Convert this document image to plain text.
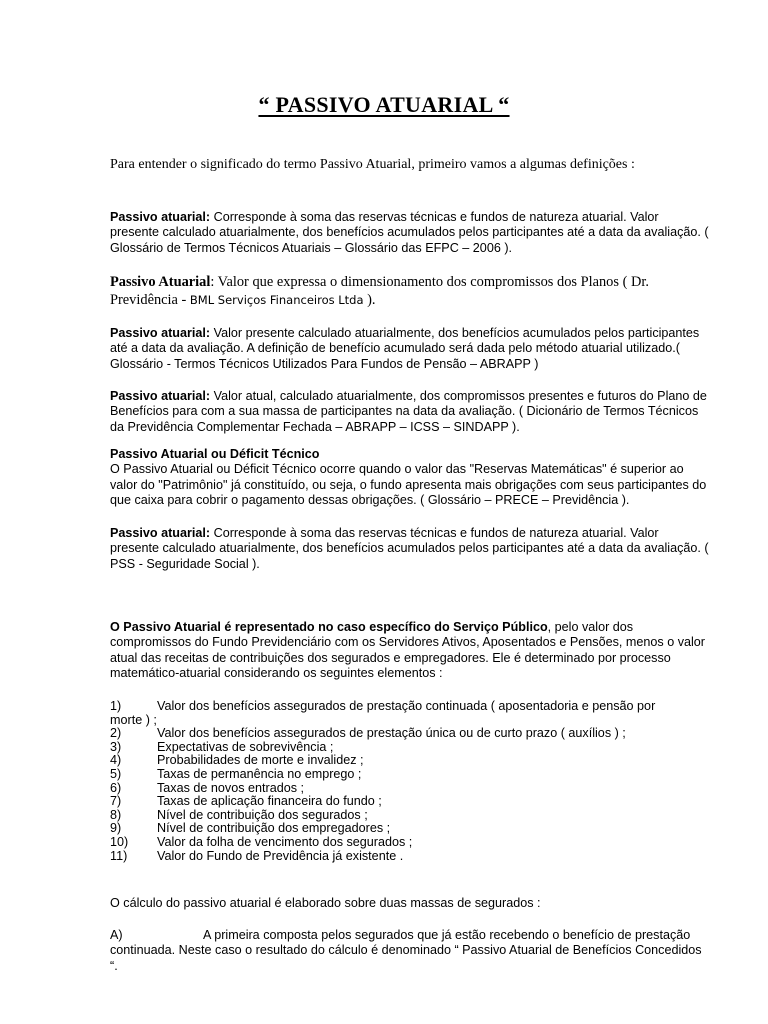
“ PASSIVO ATUARIAL “
Para entender o significado do termo Passivo Atuarial, primeiro vamos a algumas definições :
Passivo atuarial: Corresponde à soma das reservas técnicas e fundos de natureza atuarial. Valor presente calculado atuarialmente, dos benefícios acumulados pelos participantes até a data da avaliação. ( Glossário de Termos Técnicos Atuariais – Glossário das EFPC – 2006 ).
Passivo Atuarial: Valor que expressa o dimensionamento dos compromissos dos Planos ( Dr. Previdência - BML Serviços Financeiros Ltda ).
Passivo atuarial: Valor presente calculado atuarialmente, dos benefícios acumulados pelos participantes até a data da avaliação. A definição de benefício acumulado será dada pelo método atuarial utilizado.( Glossário - Termos Técnicos Utilizados Para Fundos de Pensão – ABRAPP )
Passivo atuarial: Valor atual, calculado atuarialmente, dos compromissos presentes e futuros do Plano de Benefícios para com a sua massa de participantes na data da avaliação. ( Dicionário de Termos Técnicos da Previdência Complementar Fechada – ABRAPP – ICSS – SINDAPP ).
Passivo Atuarial ou Déficit Técnico
O Passivo Atuarial ou Déficit Técnico ocorre quando o valor das "Reservas Matemáticas" é superior ao valor do "Patrimônio" já constituído, ou seja, o fundo apresenta mais obrigações com seus participantes do que caixa para cobrir o pagamento dessas obrigações. ( Glossário – PRECE – Previdência ).
Passivo atuarial: Corresponde à soma das reservas técnicas e fundos de natureza atuarial. Valor presente calculado atuarialmente, dos benefícios acumulados pelos participantes até a data da avaliação. ( PSS - Seguridade Social ).
O Passivo Atuarial é representado no caso específico do Serviço Público, pelo valor dos compromissos do Fundo Previdenciário com os Servidores Ativos, Aposentados e Pensões, menos o valor atual das receitas de contribuições dos segurados e empregadores. Ele é determinado por processo matemático-atuarial considerando os seguintes elementos :
1)	Valor dos benefícios assegurados de prestação continuada ( aposentadoria e pensão por
morte ) ;
2)	Valor dos benefícios assegurados de prestação única ou de curto prazo ( auxílios ) ;
3)	Expectativas de sobrevivência ;
4)	Probabilidades de morte e invalidez ;
5)	Taxas de permanência no emprego ;
6)	Taxas de novos entrados ;
7)	Taxas de aplicação financeira do fundo ;
8)	Nível de contribuição dos segurados ;
9)	Nível de contribuição dos empregadores ;
10) Valor da folha de vencimento dos segurados ;
11) Valor do Fundo de Previdência já existente .
O cálculo do passivo atuarial é elaborado sobre duas massas de segurados :
A)	A primeira composta pelos segurados que já estão recebendo o benefício de prestação continuada. Neste caso o resultado do cálculo é denominado “ Passivo Atuarial de Benefícios Concedidos “.
